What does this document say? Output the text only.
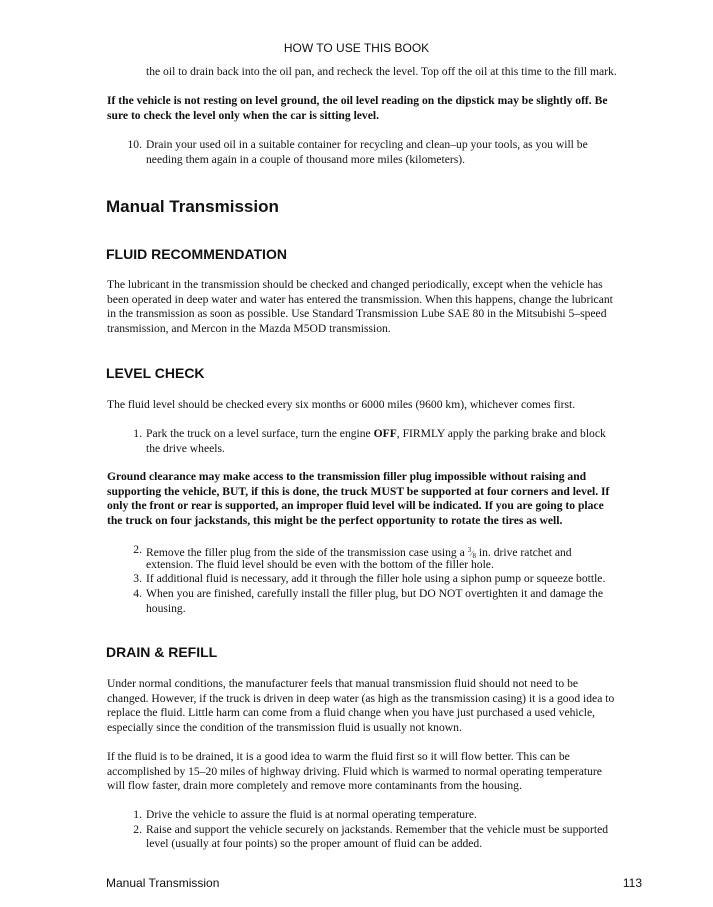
HOW TO USE THIS BOOK
the oil to drain back into the oil pan, and recheck the level. Top off the oil at this time to the fill mark.
If the vehicle is not resting on level ground, the oil level reading on the dipstick may be slightly off. Be
sure to check the level only when the car is sitting level.
10. Drain your used oil in a suitable container for recycling and clean–up your tools, as you will be
needing them again in a couple of thousand more miles (kilometers).
Manual Transmission
FLUID RECOMMENDATION
The lubricant in the transmission should be checked and changed periodically, except when the vehicle has
been operated in deep water and water has entered the transmission. When this happens, change the lubricant
in the transmission as soon as possible. Use Standard Transmission Lube SAE 80 in the Mitsubishi 5–speed
transmission, and Mercon in the Mazda M5OD transmission.
LEVEL CHECK
The fluid level should be checked every six months or 6000 miles (9600 km), whichever comes first.
1. Park the truck on a level surface, turn the engine OFF, FIRMLY apply the parking brake and block
the drive wheels.
Ground clearance may make access to the transmission filler plug impossible without raising and
supporting the vehicle, BUT, if this is done, the truck MUST be supported at four corners and level. If
only the front or rear is supported, an improper fluid level will be indicated. If you are going to place
the truck on four jackstands, this might be the perfect opportunity to rotate the tires as well.
2. Remove the filler plug from the side of the transmission case using a $^3⁄_8$ in. drive ratchet and
extension. The fluid level should be even with the bottom of the filler hole.
3. If additional fluid is necessary, add it through the filler hole using a siphon pump or squeeze bottle.
4. When you are finished, carefully install the filler plug, but DO NOT overtighten it and damage the
housing.
DRAIN & REFILL
Under normal conditions, the manufacturer feels that manual transmission fluid should not need to be
changed. However, if the truck is driven in deep water (as high as the transmission casing) it is a good idea to
replace the fluid. Little harm can come from a fluid change when you have just purchased a used vehicle,
especially since the condition of the transmission fluid is usually not known.
If the fluid is to be drained, it is a good idea to warm the fluid first so it will flow better. This can be
accomplished by 15–20 miles of highway driving. Fluid which is warmed to normal operating temperature
will flow faster, drain more completely and remove more contaminants from the housing.
1. Drive the vehicle to assure the fluid is at normal operating temperature.
2. Raise and support the vehicle securely on jackstands. Remember that the vehicle must be supported
level (usually at four points) so the proper amount of fluid can be added.
Manual Transmission	113
